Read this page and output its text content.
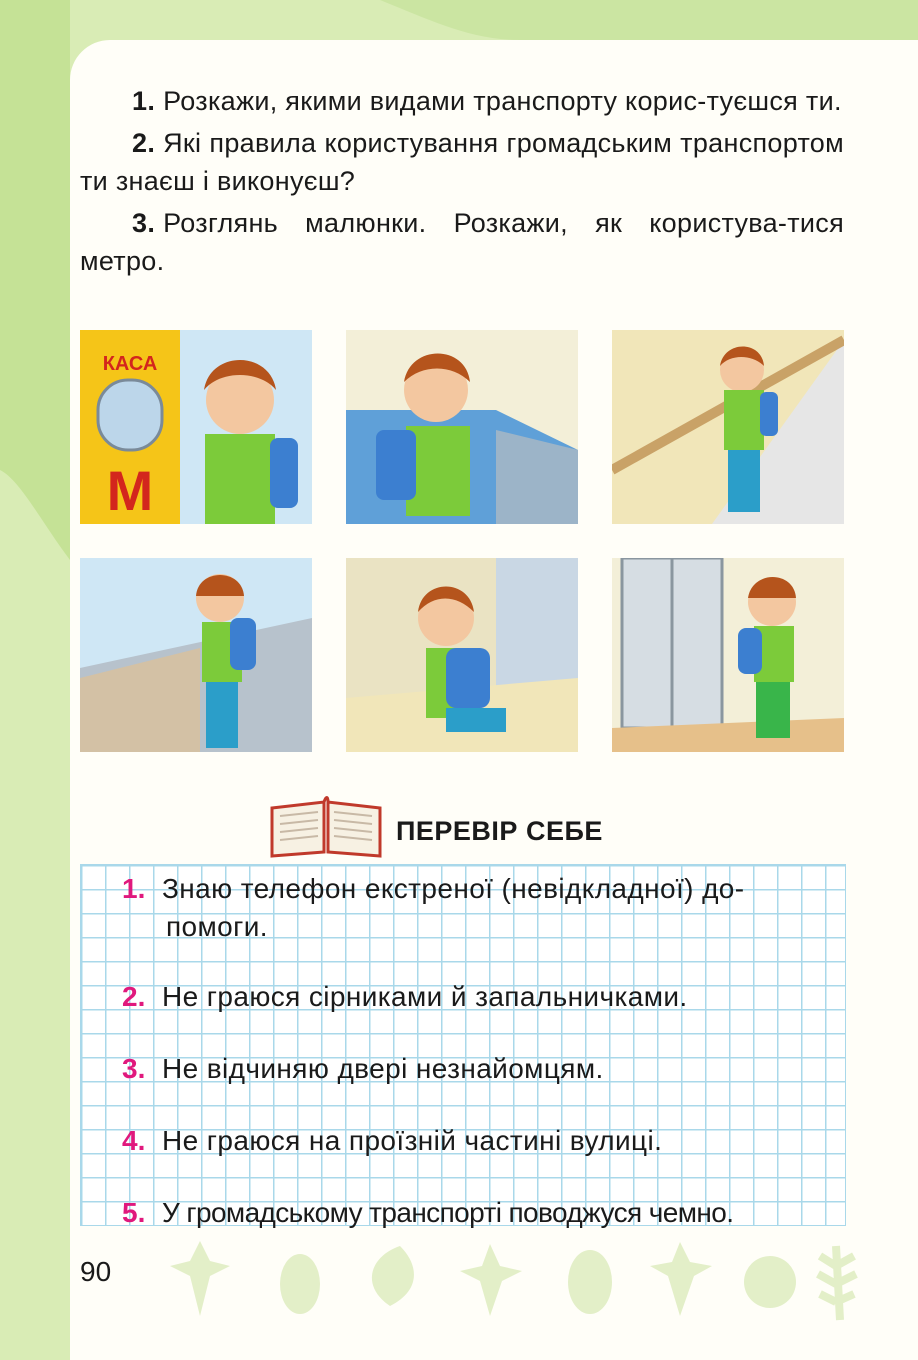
1. Розкажи, якими видами транспорту корис-туєшся ти.

2. Які правила користування громадським транспортом ти знаєш і виконуєш?

3. Розглянь малюнки. Розкажи, як користува-тися метро.

КАСА
М
ПЕРЕВІР СЕБЕ
1. Знаю телефон екстреної (невідкладної) до-
помоги.
2. Не граюся сірниками й запальничками.
3. Не відчиняю двері незнайомцям.
4. Не граюся на проїзній частині вулиці.
5. У громадському транспорті поводжуся чемно.
90
